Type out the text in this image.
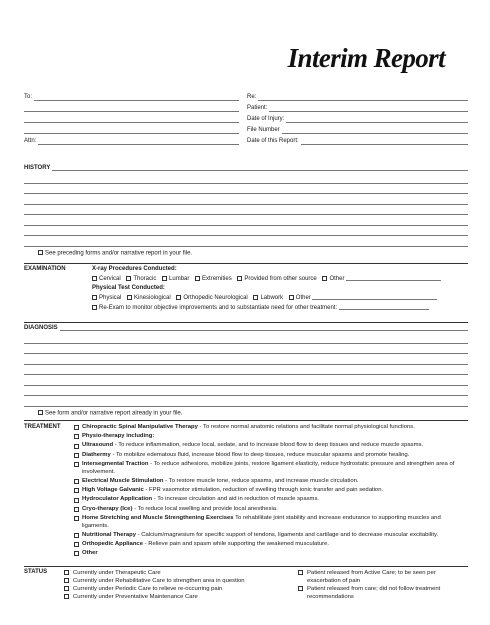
Interim Report
To:	Re:
Patient:
Date of Injury:
File Number
Attn:	Date of this Report:
HISTORY
See preceding forms and/or narrative report in your file.
EXAMINATION	X-ray Procedures Conducted:
Cervical Thoracic Lumbar Extremities Provided from other source Other
Physical Test Conducted:
Physical Kinesiological Orthopedic Neurological Labwork Other
Re-Exam to monitor objective improvements and to substantiate need for other treatment:
DIAGNOSIS
See form and/or narrative report already in your file.
TREATMENT	Chiropractic Spinal Manipulative Therapy - To restore normal anatomic relations and facilitate normal physiological functions.
Physio-therapy including:
Ultrasound - To reduce inflammation, reduce local, sedate, and to increase blood flow to deep tissues and reduce muscle spasms.
Diathermy - To mobilize edematous fluid, increase blood flow to deep tissues, reduce muscular spasms and promote healing.
Intersegmental Traction - To reduce adhesions, mobilize joints, restore ligament elasticity, reduce hydrostatic pressure and strengthen area of involvement.
Electrical Muscle Stimulation - To restore muscle tone, reduce spasms, and increase muscle circulation.
High Voltage Galvanic - FPR vasomotor stimulation, reduction of swelling through ionic transfer and pain sedation.
Hydroculator Application - To increase circulation and aid in reduction of muscle spasms.
Cryo-therapy (Ice) - To reduce local swelling and provide local anesthesia.
Home Stretching and Muscle Strengthening Exercises To rehabilitate joint stability and increase endurance to supporting muscles and ligaments.
Nutritional Therapy - Calcium/magnesium for specific support of tendons, ligaments and cartilage and to decrease muscular excitability.
Orthopedic Appliance - Relieve pain and spasm while supporting the weakened musculature.
Other
STATUS	Currently under Therapeutic Care
Currently under Rehabilitative Care to strengthen area in question
Currently under Periodic Care to relieve re-occurring pain
Currently under Preventative Maintenance Care
Patient released from Active Care; to be seen per exacerbation of pain
Patient released from care; did not follow treatment recommendations
